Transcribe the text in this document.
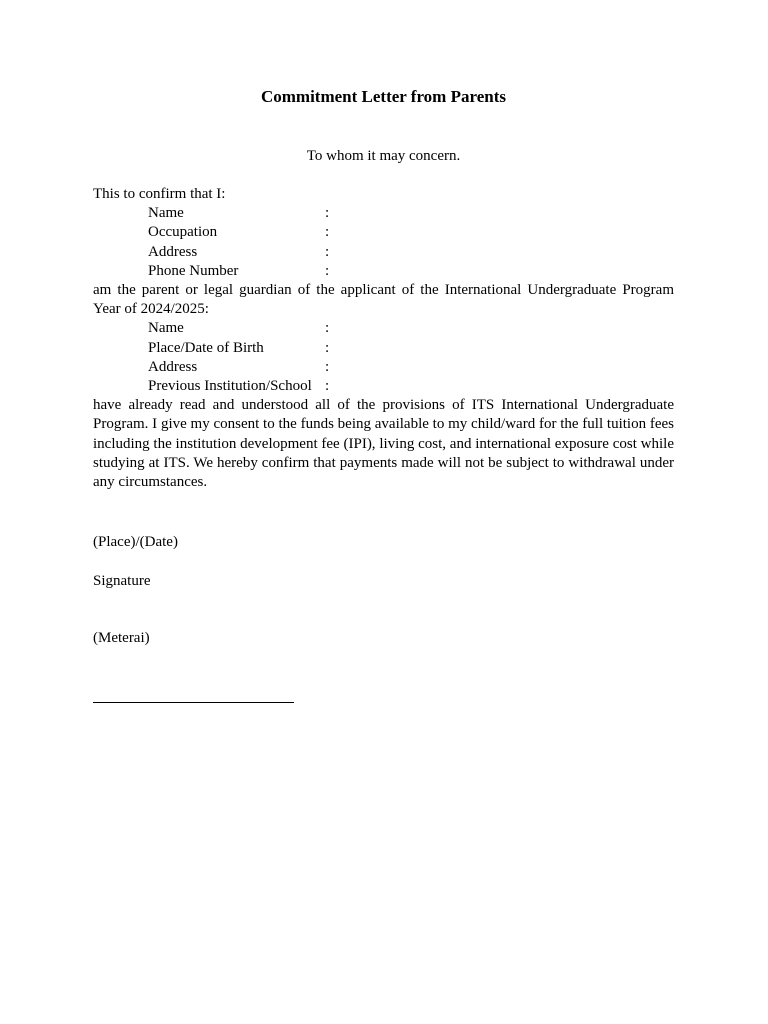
Commitment Letter from Parents
To whom it may concern.
This to confirm that I:
Name	:
Occupation	:
Address	:
Phone Number	:
am the parent or legal guardian of the applicant of the International Undergraduate Program Year of 2024/2025:
Name	:
Place/Date of Birth	:
Address	:
Previous Institution/School :
have already read and understood all of the provisions of ITS International Undergraduate Program. I give my consent to the funds being available to my child/ward for the full tuition fees including the institution development fee (IPI), living cost, and international exposure cost while studying at ITS. We hereby confirm that payments made will not be subject to withdrawal under any circumstances.
(Place)/(Date)
Signature
(Meterai)
